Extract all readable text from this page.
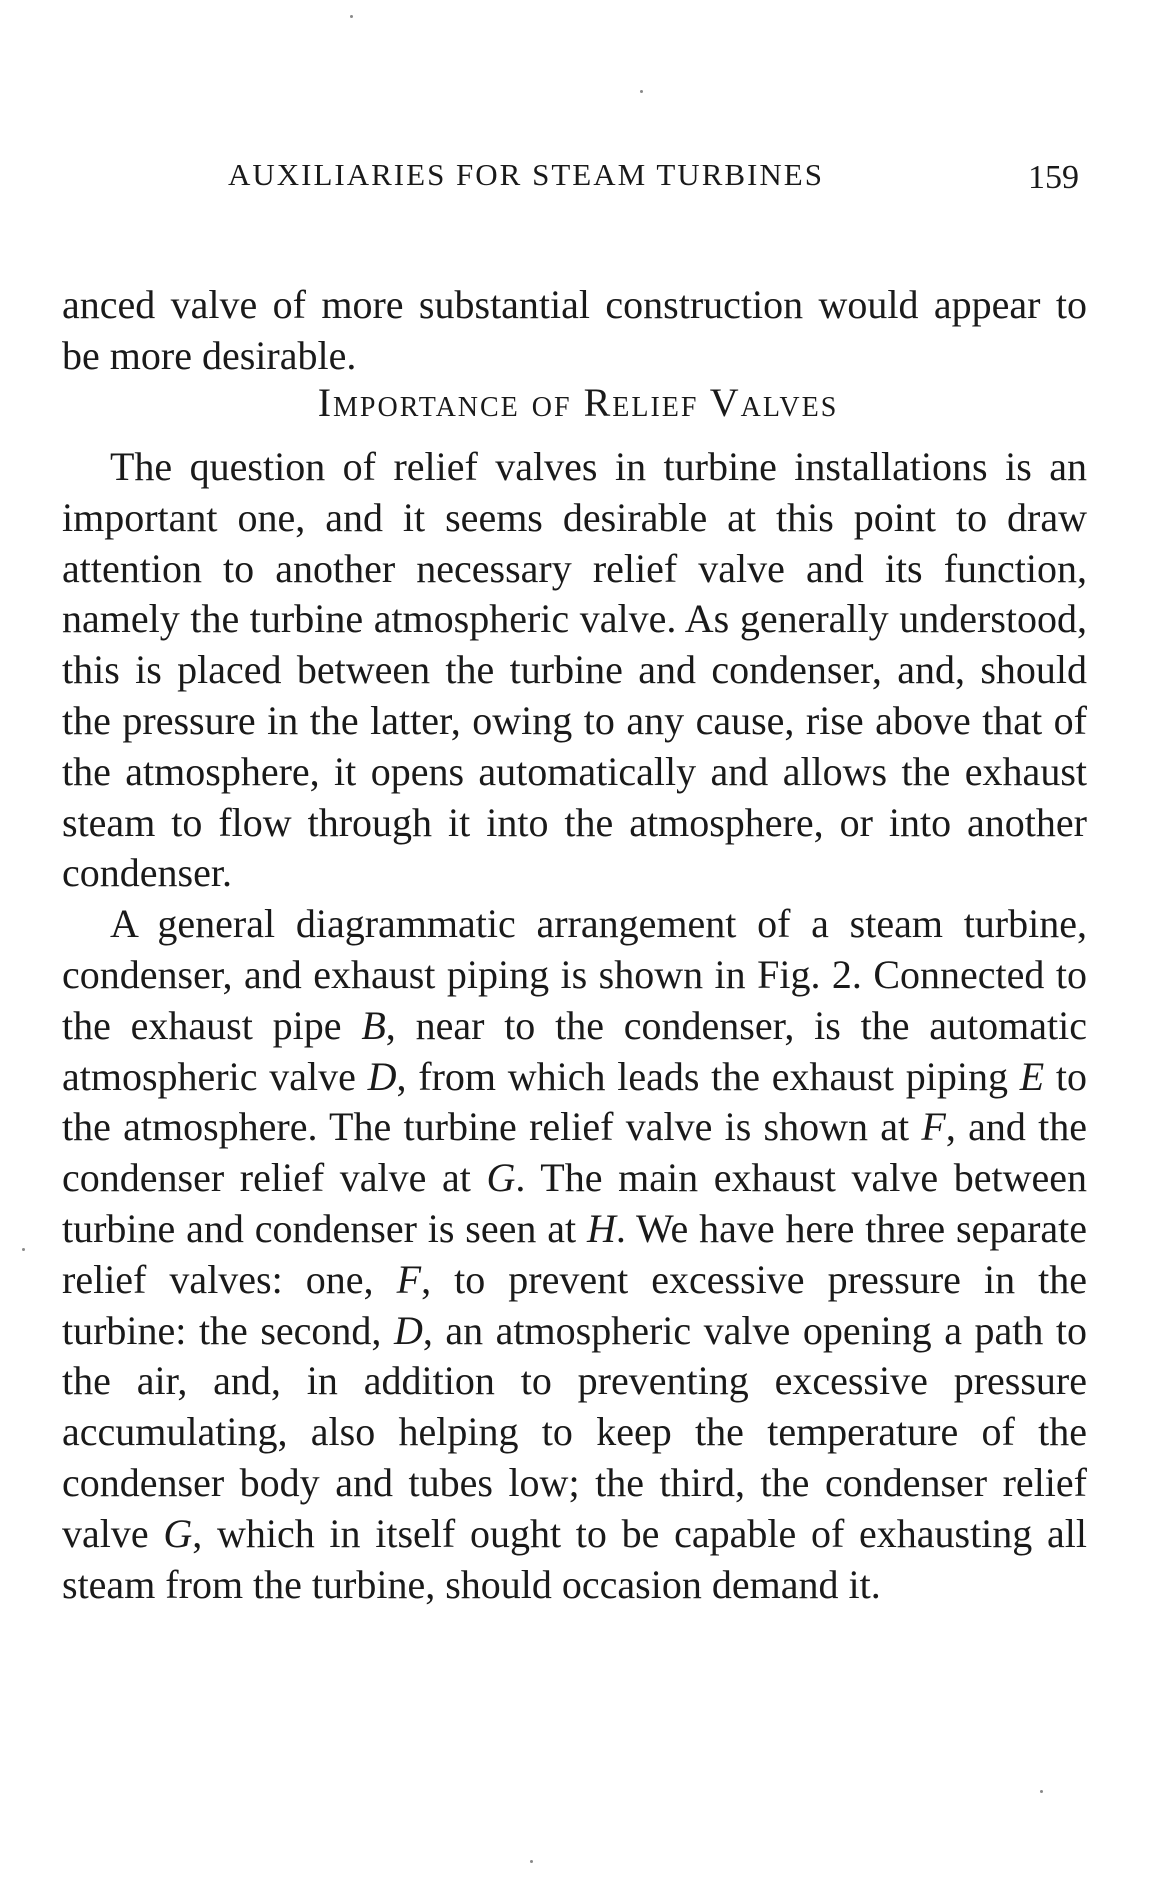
AUXILIARIES FOR STEAM TURBINES	159

anced valve of more substantial construction would appear to be more desirable.

Importance of Relief Valves

The question of relief valves in turbine installations is an important one, and it seems desirable at this point to draw attention to another necessary relief valve and its function, namely the turbine atmospheric valve. As generally understood, this is placed between the turbine and condenser, and, should the pressure in the latter, owing to any cause, rise above that of the atmosphere, it opens automatically and allows the exhaust steam to flow through it into the atmosphere, or into another condenser.

A general diagrammatic arrangement of a steam turbine, condenser, and exhaust piping is shown in Fig. 2. Connected to the exhaust pipe B, near to the condenser, is the automatic atmospheric valve D, from which leads the exhaust piping E to the atmosphere. The turbine relief valve is shown at F, and the condenser relief valve at G. The main exhaust valve between turbine and condenser is seen at H. We have here three separate relief valves: one, F, to prevent excessive pressure in the turbine: the second, D, an atmospheric valve opening a path to the air, and, in addition to preventing excessive pressure accumulating, also helping to keep the temperature of the condenser body and tubes low; the third, the condenser relief valve G, which in itself ought to be capable of exhausting all steam from the turbine, should occasion demand it.
